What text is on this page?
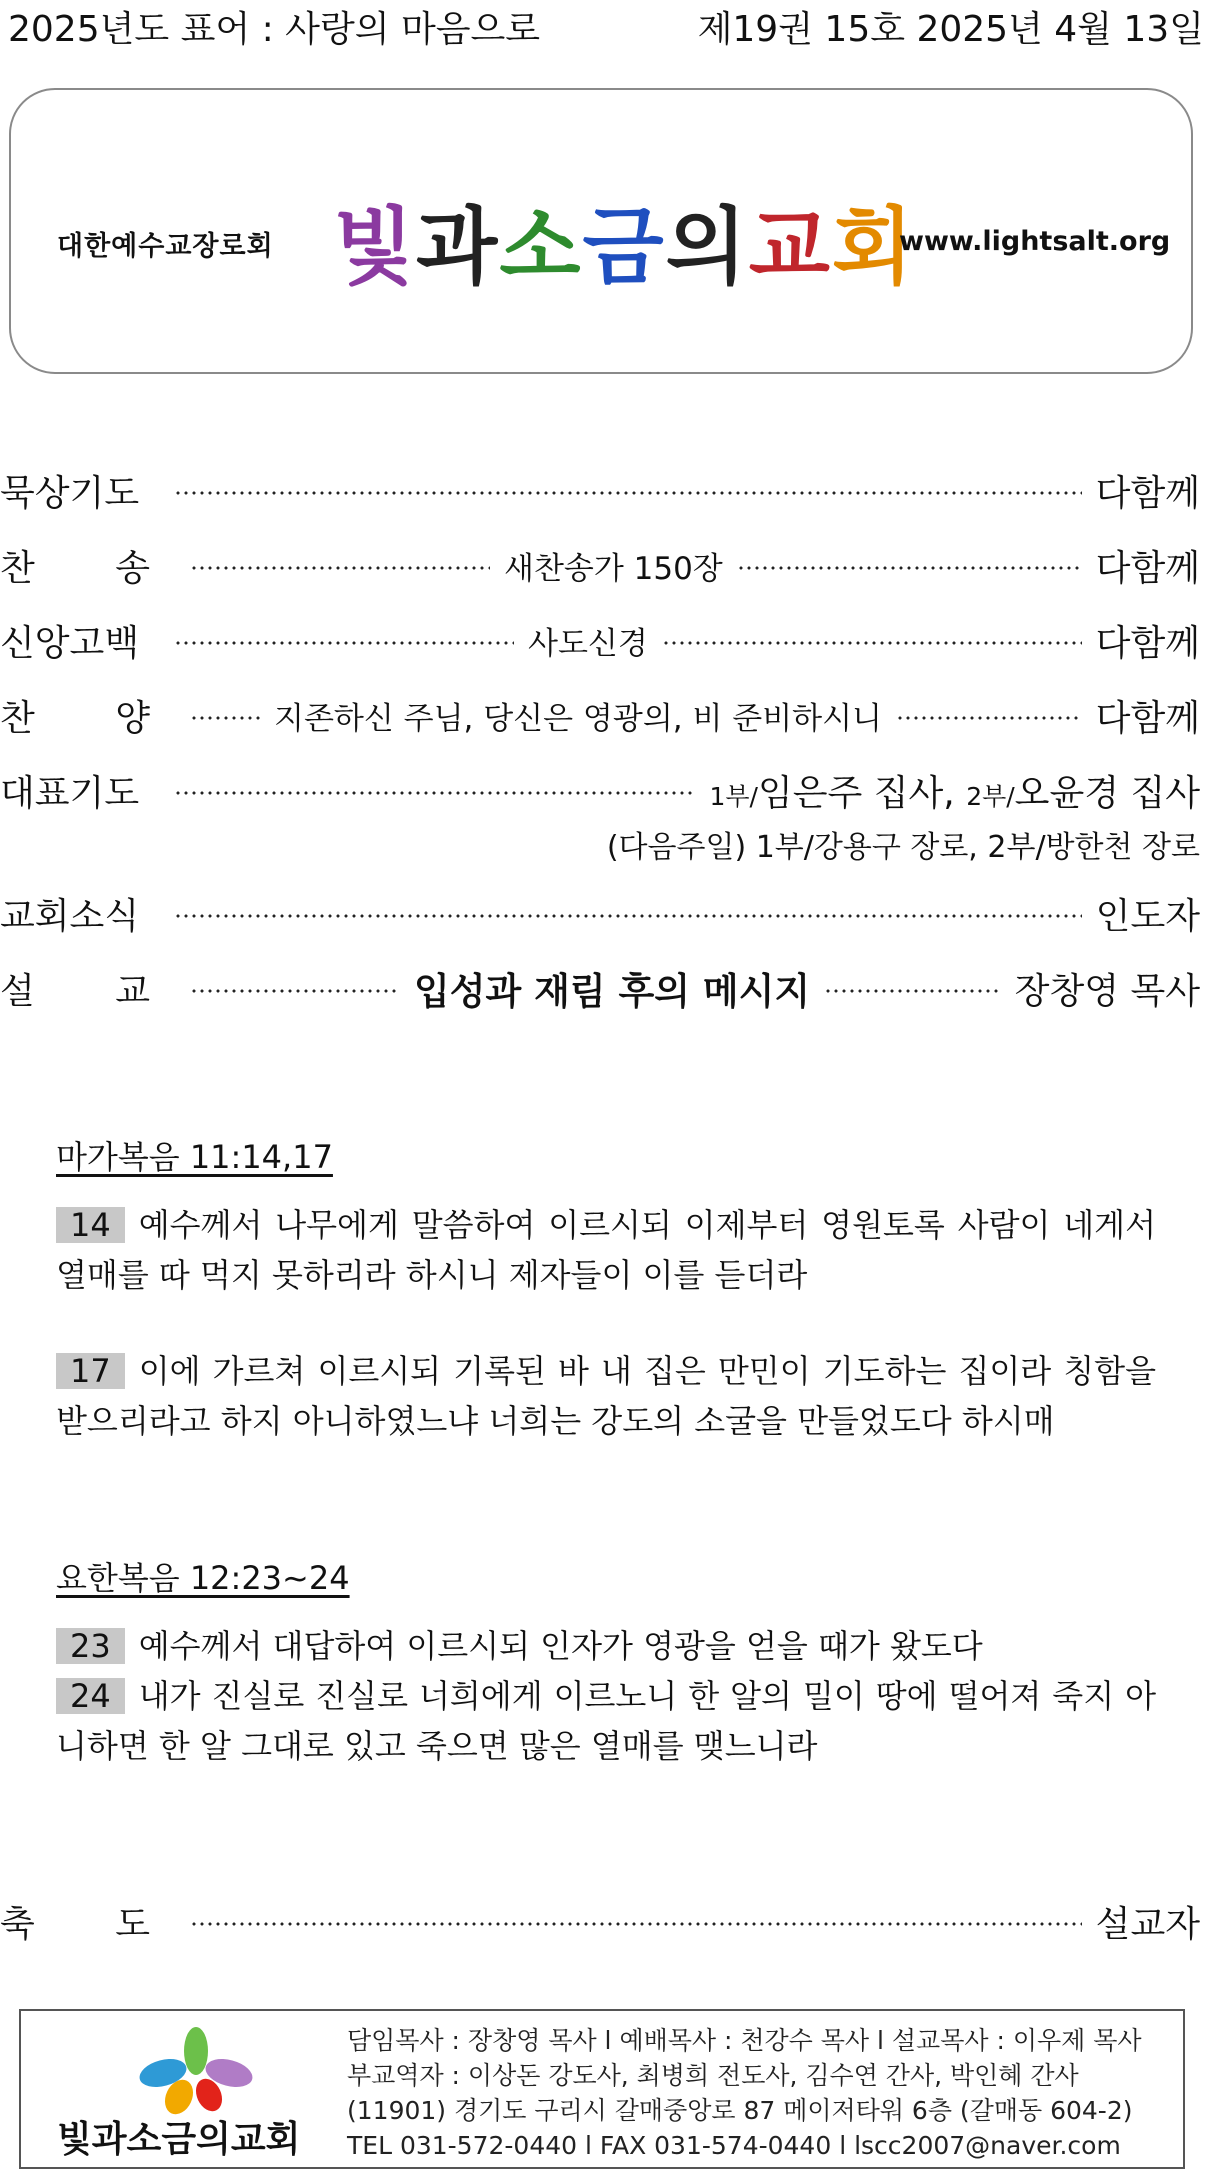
2025년도 표어 : 사랑의 마음으로	제19권 15호 2025년 4월 13일
대한예수교장로회 빛과소금의교회
www.lightsalt.org
묵상기도	다함께
찬 송	새찬송가 150장	다함께
신앙고백	사도신경	다함께
찬 양	지존하신 주님, 당신은 영광의, 비 준비하시니	다함께
대표기도	1부/임은주 집사, 2부/오윤경 집사
(다음주일) 1부/강용구 장로, 2부/방한천 장로
교회소식	인도자
설 교	입성과 재림 후의 메시지	장창영 목사
마가복음 11:14,17
14 예수께서 나무에게 말씀하여 이르시되 이제부터 영원토록 사람이 네게서 열매를 따 먹지 못하리라 하시니 제자들이 이를 듣더라
17 이에 가르쳐 이르시되 기록된 바 내 집은 만민이 기도하는 집이라 칭함을 받으리라고 하지 아니하였느냐 너희는 강도의 소굴을 만들었도다 하시매
요한복음 12:23~24
23 예수께서 대답하여 이르시되 인자가 영광을 얻을 때가 왔도다
24 내가 진실로 진실로 너희에게 이르노니 한 알의 밀이 땅에 떨어져 죽지 아니하면 한 알 그대로 있고 죽으면 많은 열매를 맺느니라
축 도	설교자
빛과소금의교회
담임목사 : 장창영 목사 l 예배목사 : 천강수 목사 l 설교목사 : 이우제 목사
부교역자 : 이상돈 강도사, 최병희 전도사, 김수연 간사, 박인혜 간사
(11901) 경기도 구리시 갈매중앙로 87 메이저타워 6층 (갈매동 604-2)
TEL 031-572-0440 l FAX 031-574-0440 l lscc2007@naver.com
